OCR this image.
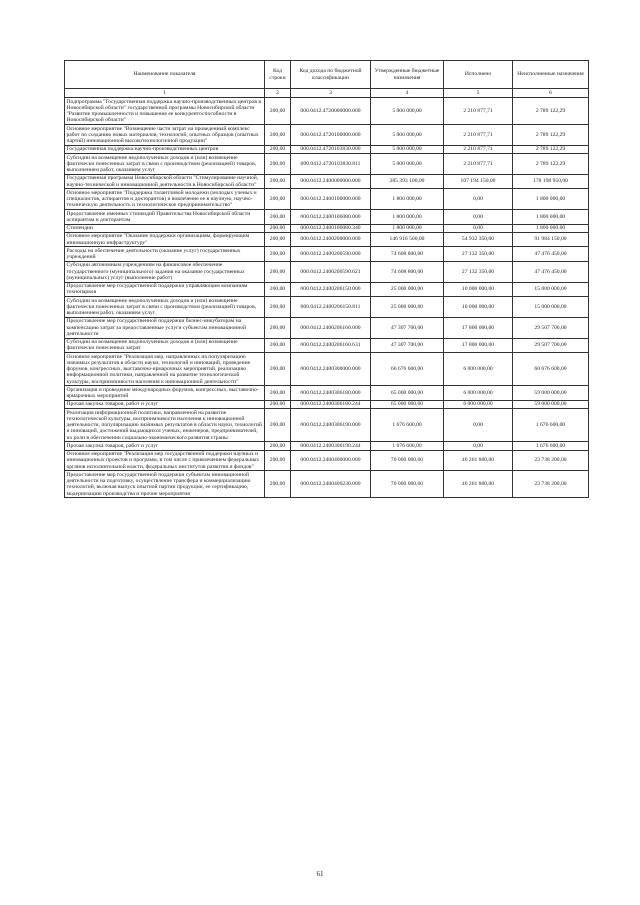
Наименование показателя	Код строки	Код дохода по бюджетной классификации	Утвержденные бюджетные назначения	Исполнено	Неисполненные назначения
1	2	3	4	5	6
Подпрограмма "Государственная поддержка научно-производственных центров в Новосибирской области" государственной программы Новосибирской области "Развитие промышленности и повышение ее конкурентоспособности в Новосибирской области"	200,00	000.0412.4720000000.000	5 000 000,00	2 210 877,71	2 789 122,29
Основное мероприятие "Возмещение части затрат на проведенный комплекс работ по созданию новых материалов, технологий, опытных образцов (опытных партий) инновационной высокотехнологичной продукции"	200,00	000.0412.4720100000.000	5 000 000,00	2 210 877,71	2 789 122,29
Государственная поддержка научно-производственных центров	200,00	000.0412.4720103830.000	5 000 000,00	2 210 877,71	2 789 122,29
Субсидии на возмещение недополученных доходов и (или) возмещение фактически понесенных затрат в связи с производством (реализацией) товаров, выполнением работ, оказанием услуг	200,00	000.0412.4720103830.811	5 000 000,00	2 210 877,71	2 789 122,29
Государственная программа Новосибирской области "Стимулирование научной, научно-технической и инновационной деятельности в Новосибирской области"	200,00	000.0412.2400000000.000	285 393 100,00	107 194 150,00	178 198 950,00
Основное мероприятие "Поддержка талантливой молодежи (молодых ученых и специалистов, аспирантов и докторантов) и вовлечение ее в научную, научно-техническую деятельность и технологическое предпринимательство"	200,00	000.0412.2400100000.000	1 800 000,00	0,00	1 800 000,00
Предоставление именных стипендий Правительства Новосибирской области аспирантам и докторантам	200,00	000.0412.2400106080.000	1 800 000,00	0,00	1 800 000,00
Стипендии	200,00	000.0412.2400106080.340	1 800 000,00	0,00	1 800 000,00
Основное мероприятие "Оказание поддержки организациям, формирующим инновационную инфраструктуру"	200,00	000.0412.2400200000.000	146 916 500,00	54 932 350,00	91 984 150,00
Расходы на обеспечение деятельности (оказание услуг) государственных учреждений	200,00	000.0412.2400200590.000	74 608 800,00	27 132 350,00	47 476 450,00
Субсидии автономным учреждениям на финансовое обеспечение государственного (муниципального) задания на оказание государственных (муниципальных) услуг (выполнение работ)	200,00	000.0412.2400200590.621	74 608 800,00	27 132 350,00	47 476 450,00
Предоставление мер государственной поддержки управляющим компаниям технопарков	200,00	000.0412.2400206150.000	25 000 000,00	10 000 000,00	15 000 000,00
Субсидии на возмещение недополученных доходов и (или) возмещение фактически понесенных затрат в связи с производством (реализацией) товаров, выполнением работ, оказанием услуг	200,00	000.0412.2400206150.811	25 000 000,00	10 000 000,00	15 000 000,00
Предоставление мер государственной поддержки бизнес-инкубаторам на компенсацию затрат за предоставленные услуги субъектам инновационной деятельности	200,00	000.0412.2400206160.000	47 307 700,00	17 800 000,00	29 507 700,00
Субсидии на возмещение недополученных доходов и (или) возмещение фактически понесенных затрат	200,00	000.0412.2400206160.631	47 307 700,00	17 800 000,00	29 507 700,00
Основное мероприятие "Реализация мер, направленных на популяризацию значимых результатов в области науки, технологий и инноваций, проведение форумов, конгрессных, выставочно-ярмарочных мероприятий, реализацию информационной политики, направленной на развитие технологической культуры, восприимчивости населения к инновационной деятельности"	200,00	000.0412.2400300000.000	66 676 600,00	6 000 000,00	60 676 600,00
Организация и проведение международных форумов, конгрессных, выставочно-ярмарочных мероприятий	200,00	000.0412.2400306180.000	65 000 000,00	6 000 000,00	59 000 000,00
Прочая закупка товаров, работ и услуг	200,00	000.0412.2400306180.244	65 000 000,00	6 000 000,00	59 000 000,00
Реализация информационной политики, направленной на развитие технологической культуры, восприимчивости населения к инновационной деятельности, популяризацию значимых результатов в области науки, технологий и инноваций, достижений выдающихся ученых, инженеров, предпринимателей, их роли в обеспечении социально-экономического развития страны	200,00	000.0412.2400306190.000	1 676 600,00	0,00	1 676 600,00
Прочая закупка товаров, работ и услуг	200,00	000.0412.2400306190.244	1 676 600,00	0,00	1 676 600,00
Основное мероприятие "Реализация мер государственной поддержки научных и инновационных проектов и программ, в том числе с привлечением федеральных органов исполнительной власти, федеральных институтов развития и фондов"	200,00	000.0412.2400400000.000	70 000 000,00	46 261 800,00	23 738 200,00
Предоставление мер государственной поддержки субъектам инновационной деятельности на подготовку, осуществление трансфера и коммерциализацию технологий, включая выпуск опытной партии продукции, ее сертификацию, модернизацию производства и прочие мероприятия	200,00	000.0412.2400406230.000	70 000 000,00	46 261 800,00	23 738 200,00
61
